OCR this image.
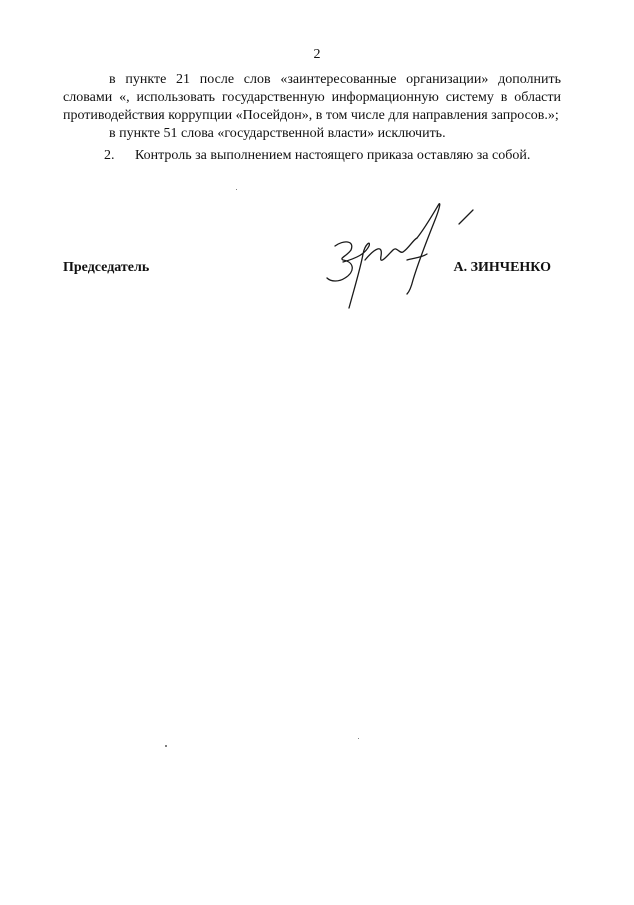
2

в пункте 21 после слов «заинтересованные организации» дополнить словами «, использовать государственную информационную систему в области противодействия коррупции «Посейдон», в том числе для направления запросов.»;

в пункте 51 слова «государственной власти» исключить.

2. Контроль за выполнением настоящего приказа оставляю за собой.

Председатель	А. ЗИНЧЕНКО
